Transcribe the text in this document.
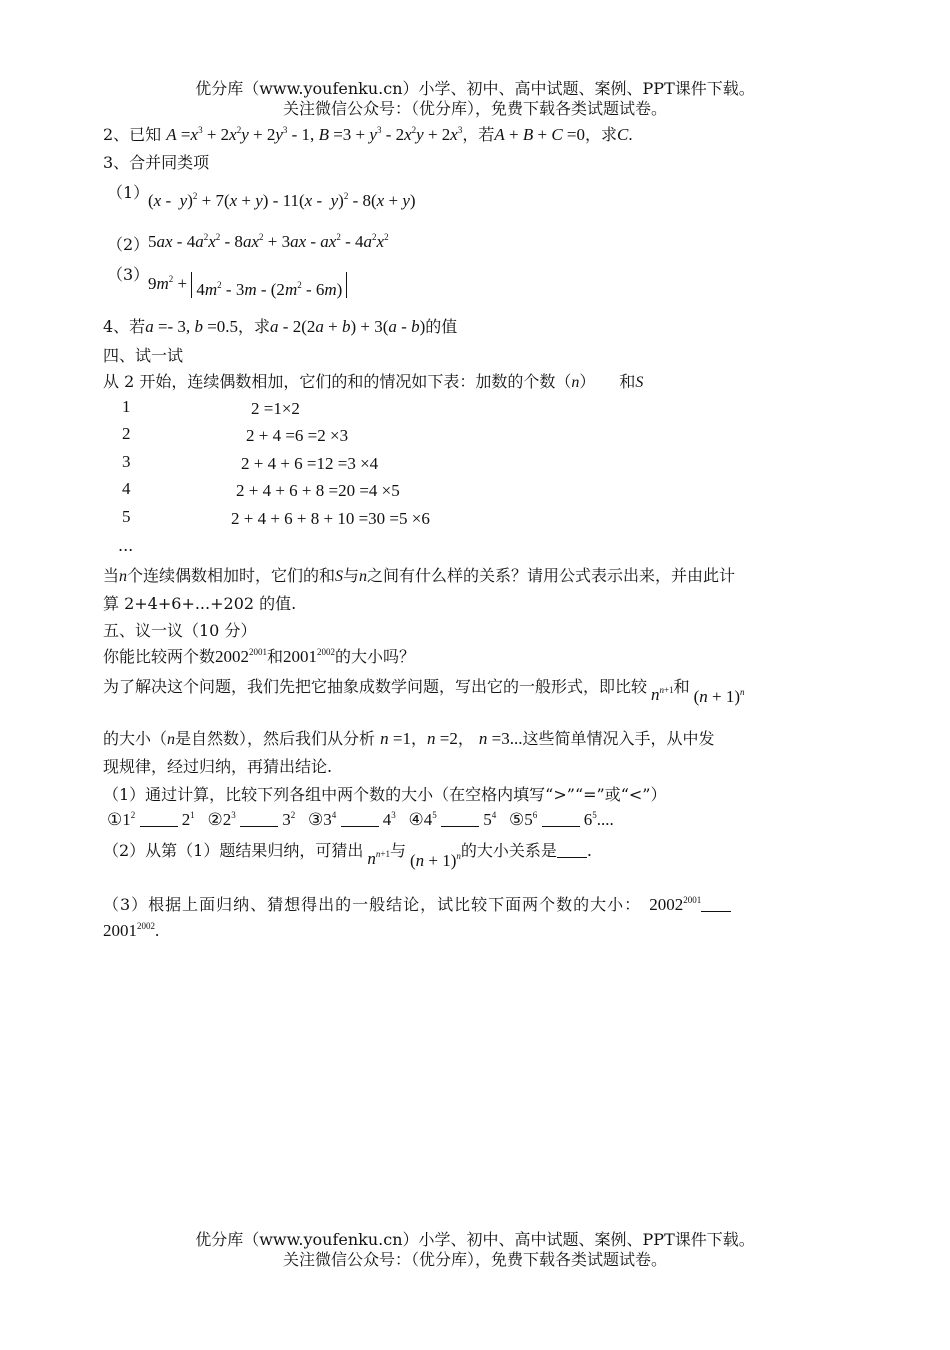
优分库（www.youfenku.cn）小学、初中、高中试题、案例、PPT课件下载。
关注微信公众号：（优分库），免费下载各类试题试卷。
2、已知 $A =x^3 + 2x^2y + 2y^3 - 1$, $B =3 + y^3 - 2x^2y + 2x^3$，若A + B + C =0，求C.
3、合并同类项
（1）
(x -  y)$^2$ + 7(x + y) - 11(x -  y)$^2$ - 8(x + y)
（2）
$5ax - 4a^2x^2 - 8ax^2 + 3ax - ax^2 - 4a^2x^2$
（3）
$9m^2 + 4m^2 - 3m - (2m^2 - 6m)$
4、若a =- 3, b =0.5，求a - 2(2a + b) + 3(a - b)的值
四、试一试
从 2 开始，连续偶数相加，它们的和的情况如下表：加数的个数（n）　　和S
1	2 =1×2
2	2 + 4 =6 =2 ×3
3	2 + 4 + 6 =12 =3 ×4
4	2 + 4 + 6 + 8 =20 =4 ×5
5	2 + 4 + 6 + 8 + 10 =30 =5 ×6
...
当n个连续偶数相加时，它们的和S与n之间有什么样的关系？请用公式表示出来，并由此计
算 2+4+6+...+202 的值.
五、议一议（10 分）
你能比较两个数$2002^{2001}$和$2001^{2002}$的大小吗？
为了解决这个问题，我们先把它抽象成数学问题，写出它的一般形式，即比较 $n^{n+1}$和$(n + 1)^n$
的大小（n是自然数），然后我们从分析 n =1，n =2， n =3...这些简单情况入手，从中发
现规律，经过归纳，再猜出结论.
（1）通过计算，比较下列各组中两个数的大小（在空格内填写“>”“=”或“<”）
$①1^2$  $2^1$ $②2^3$  $3^2$ $③3^4$  $4^3$ $④4^5$  $5^4$ $⑤5^6$  $6^5$....
（2）从第（1）题结果归纳，可猜出 $n^{n+1}$与$(n + 1)^n$的大小关系是 .
（3）根据上面归纳、猜想得出的一般结论，试比较下面两个数的大小： $2002^{2001}$
$2001^{2002}$.
优分库（www.youfenku.cn）小学、初中、高中试题、案例、PPT课件下载。
关注微信公众号：（优分库），免费下载各类试题试卷。
